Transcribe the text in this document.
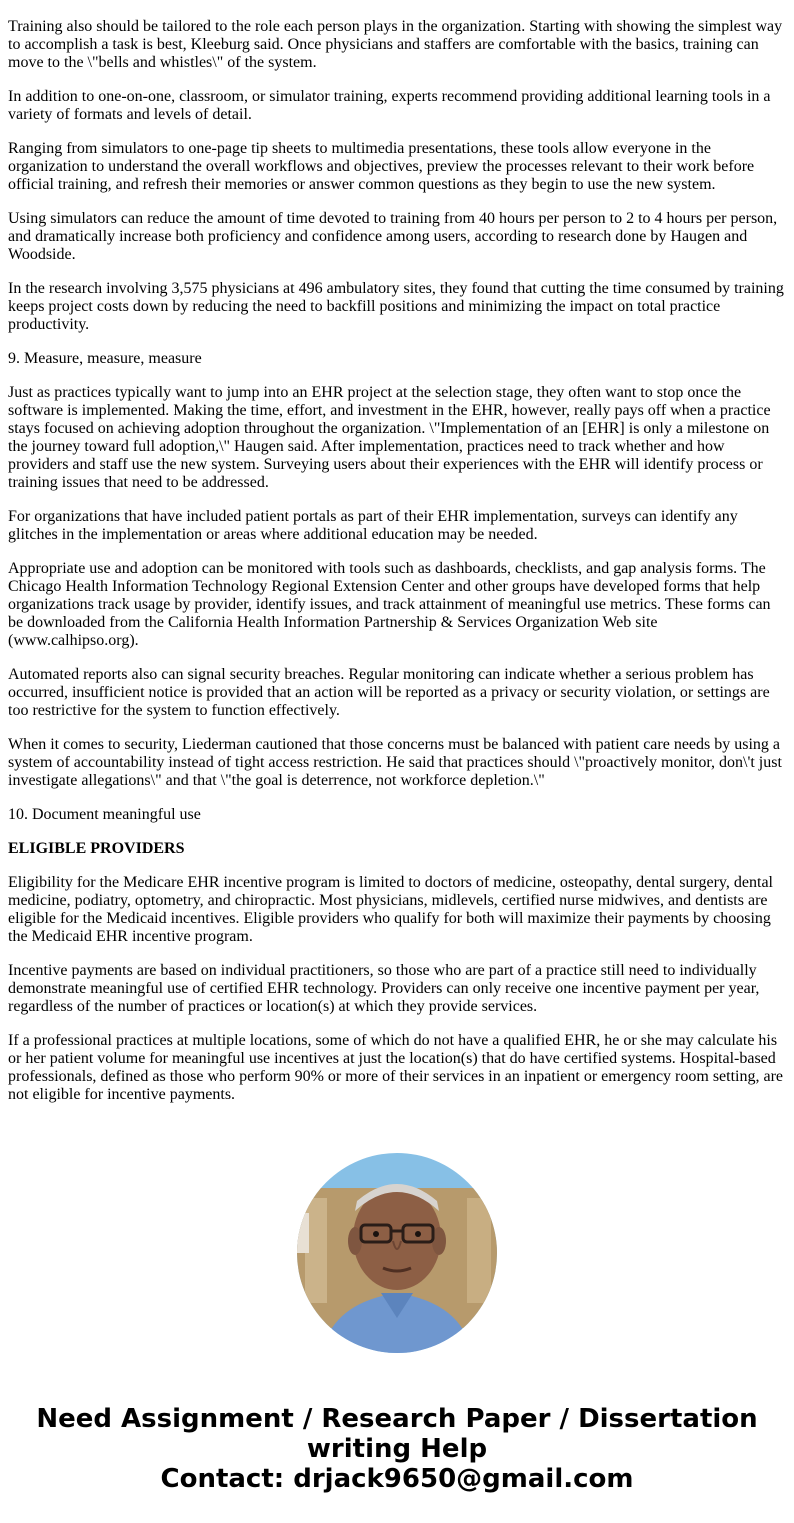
Training also should be tailored to the role each person plays in the organization. Starting with showing the simplest way to accomplish a task is best, Kleeburg said. Once physicians and staffers are comfortable with the basics, training can move to the \"bells and whistles\" of the system.

In addition to one-on-one, classroom, or simulator training, experts recommend providing additional learning tools in a variety of formats and levels of detail.

Ranging from simulators to one-page tip sheets to multimedia presentations, these tools allow everyone in the organization to understand the overall workflows and objectives, preview the processes relevant to their work before official training, and refresh their memories or answer common questions as they begin to use the new system.

Using simulators can reduce the amount of time devoted to training from 40 hours per person to 2 to 4 hours per person, and dramatically increase both proficiency and confidence among users, according to research done by Haugen and Woodside.

In the research involving 3,575 physicians at 496 ambulatory sites, they found that cutting the time consumed by training keeps project costs down by reducing the need to backfill positions and minimizing the impact on total practice productivity.

9. Measure, measure, measure

Just as practices typically want to jump into an EHR project at the selection stage, they often want to stop once the software is implemented. Making the time, effort, and investment in the EHR, however, really pays off when a practice stays focused on achieving adoption throughout the organization. \"Implementation of an [EHR] is only a milestone on the journey toward full adoption,\" Haugen said. After implementation, practices need to track whether and how providers and staff use the new system. Surveying users about their experiences with the EHR will identify process or training issues that need to be addressed.

For organizations that have included patient portals as part of their EHR implementation, surveys can identify any glitches in the implementation or areas where additional education may be needed.

Appropriate use and adoption can be monitored with tools such as dashboards, checklists, and gap analysis forms. The Chicago Health Information Technology Regional Extension Center and other groups have developed forms that help organizations track usage by provider, identify issues, and track attainment of meaningful use metrics. These forms can be downloaded from the California Health Information Partnership & Services Organization Web site (www.calhipso.org).

Automated reports also can signal security breaches. Regular monitoring can indicate whether a serious problem has occurred, insufficient notice is provided that an action will be reported as a privacy or security violation, or settings are too restrictive for the system to function effectively.

When it comes to security, Liederman cautioned that those concerns must be balanced with patient care needs by using a system of accountability instead of tight access restriction. He said that practices should \"proactively monitor, don\'t just investigate allegations\" and that \"the goal is deterrence, not workforce depletion.\"

10. Document meaningful use

ELIGIBLE PROVIDERS

Eligibility for the Medicare EHR incentive program is limited to doctors of medicine, osteopathy, dental surgery, dental medicine, podiatry, optometry, and chiropractic. Most physicians, midlevels, certified nurse midwives, and dentists are eligible for the Medicaid incentives. Eligible providers who qualify for both will maximize their payments by choosing the Medicaid EHR incentive program.

Incentive payments are based on individual practitioners, so those who are part of a practice still need to individually demonstrate meaningful use of certified EHR technology. Providers can only receive one incentive payment per year, regardless of the number of practices or location(s) at which they provide services.

If a professional practices at multiple locations, some of which do not have a qualified EHR, he or she may calculate his or her patient volume for meaningful use incentives at just the location(s) that do have certified systems. Hospital-based professionals, defined as those who perform 90% or more of their services in an inpatient or emergency room setting, are not eligible for incentive payments.

Need Assignment / Research Paper / Dissertation
writing Help
Contact: drjack9650@gmail.com
